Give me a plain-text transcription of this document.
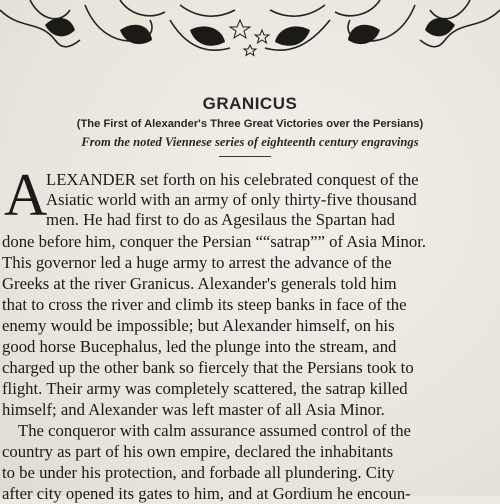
GRANICUS
(The First of Alexander's Three Great Victories over the Persians)
From the noted Viennese series of eighteenth century engravings
A
LEXANDER set forth on his celebrated conquest of the
Asiatic world with an army of only thirty-five thousand
men. He had first to do as Agesilaus the Spartan had
done before him, conquer the Persian ““satrap”” of Asia Minor.
This governor led a huge army to arrest the advance of the
Greeks at the river Granicus. Alexander's generals told him
that to cross the river and climb its steep banks in face of the
enemy would be impossible; but Alexander himself, on his
good horse Bucephalus, led the plunge into the stream, and
charged up the other bank so fiercely that the Persians took to
flight. Their army was completely scattered, the satrap killed
himself; and Alexander was left master of all Asia Minor.
The conqueror with calm assurance assumed control of the
country as part of his own empire, declared the inhabitants
to be under his protection, and forbade all plundering. City
after city opened its gates to him, and at Gordium he encoun-
